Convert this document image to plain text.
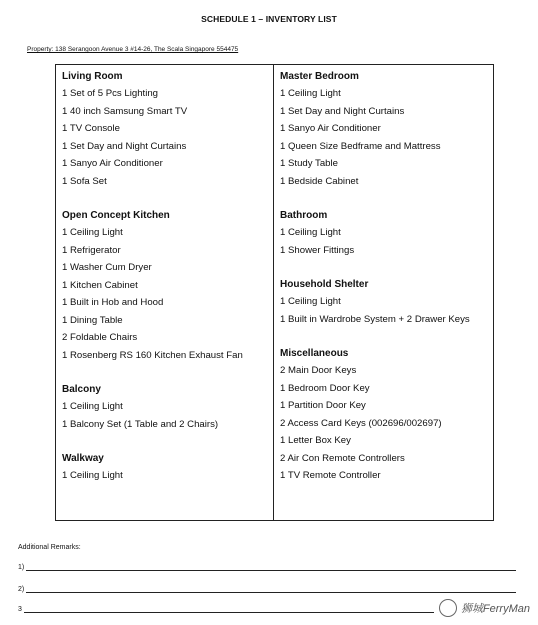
SCHEDULE 1 – INVENTORY LIST
Property: 138 Serangoon Avenue 3 #14-26, The Scala Singapore 554475
Living Room
1 Set of 5 Pcs Lighting
1 40 inch Samsung Smart TV
1 TV Console
1 Set Day and Night Curtains
1 Sanyo Air Conditioner
1 Sofa Set
Open Concept Kitchen
1 Ceiling Light
1 Refrigerator
1 Washer Cum Dryer
1 Kitchen Cabinet
1 Built in Hob and Hood
1 Dining Table
2 Foldable Chairs
1 Rosenberg RS 160 Kitchen Exhaust Fan
Balcony
1 Ceiling Light
1 Balcony Set (1 Table and 2 Chairs)
Walkway
1 Ceiling Light
Master Bedroom
1 Ceiling Light
1 Set Day and Night Curtains
1 Sanyo Air Conditioner
1 Queen Size Bedframe and Mattress
1 Study Table
1 Bedside Cabinet
Bathroom
1 Ceiling Light
1 Shower Fittings
Household Shelter
1 Ceiling Light
1 Built in Wardrobe System + 2 Drawer Keys
Miscellaneous
2 Main Door Keys
1 Bedroom Door Key
1 Partition Door Key
2 Access Card Keys (002696/002697)
1 Letter Box Key
2 Air Con Remote Controllers
1 TV Remote Controller
Additional Remarks:
1)
2)
3	狮城FerryMan
